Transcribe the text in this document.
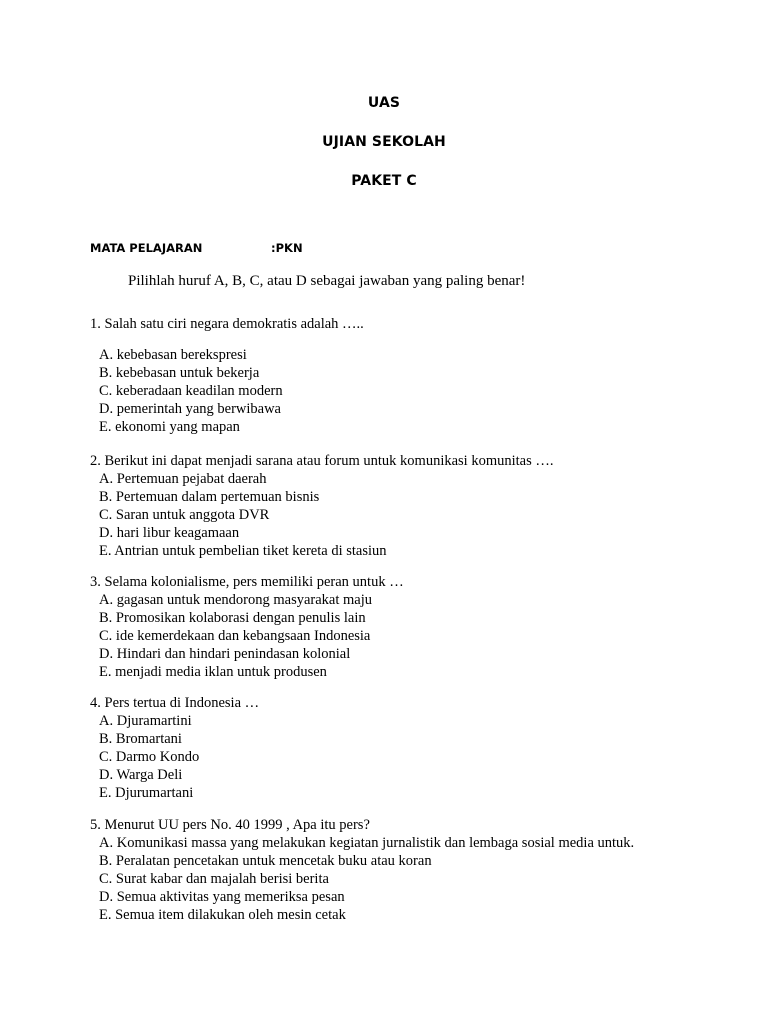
UAS
UJIAN SEKOLAH
PAKET C
MATA PELAJARAN	:PKN
Pilihlah huruf A, B, C, atau D sebagai jawaban yang paling benar!

1. Salah satu ciri negara demokratis adalah …..

A. kebebasan berekspresi
B. kebebasan untuk bekerja
C. keberadaan keadilan modern
D. pemerintah yang berwibawa
E. ekonomi yang mapan

2. Berikut ini dapat menjadi sarana atau forum untuk komunikasi komunitas ….

A. Pertemuan pejabat daerah
B. Pertemuan dalam pertemuan bisnis
C. Saran untuk anggota DVR
D. hari libur keagamaan
E. Antrian untuk pembelian tiket kereta di stasiun

3. Selama kolonialisme, pers memiliki peran untuk …

A. gagasan untuk mendorong masyarakat maju
B. Promosikan kolaborasi dengan penulis lain
C. ide kemerdekaan dan kebangsaan Indonesia
D. Hindari dan hindari penindasan kolonial
E. menjadi media iklan untuk produsen

4. Pers tertua di Indonesia …

A. Djuramartini
B. Bromartani
C. Darmo Kondo
D. Warga Deli
E. Djurumartani

5. Menurut UU pers No. 40 1999 , Apa itu pers?

A. Komunikasi massa yang melakukan kegiatan jurnalistik dan lembaga sosial media untuk.
B. Peralatan pencetakan untuk mencetak buku atau koran
C. Surat kabar dan majalah berisi berita
D. Semua aktivitas yang memeriksa pesan
E. Semua item dilakukan oleh mesin cetak
